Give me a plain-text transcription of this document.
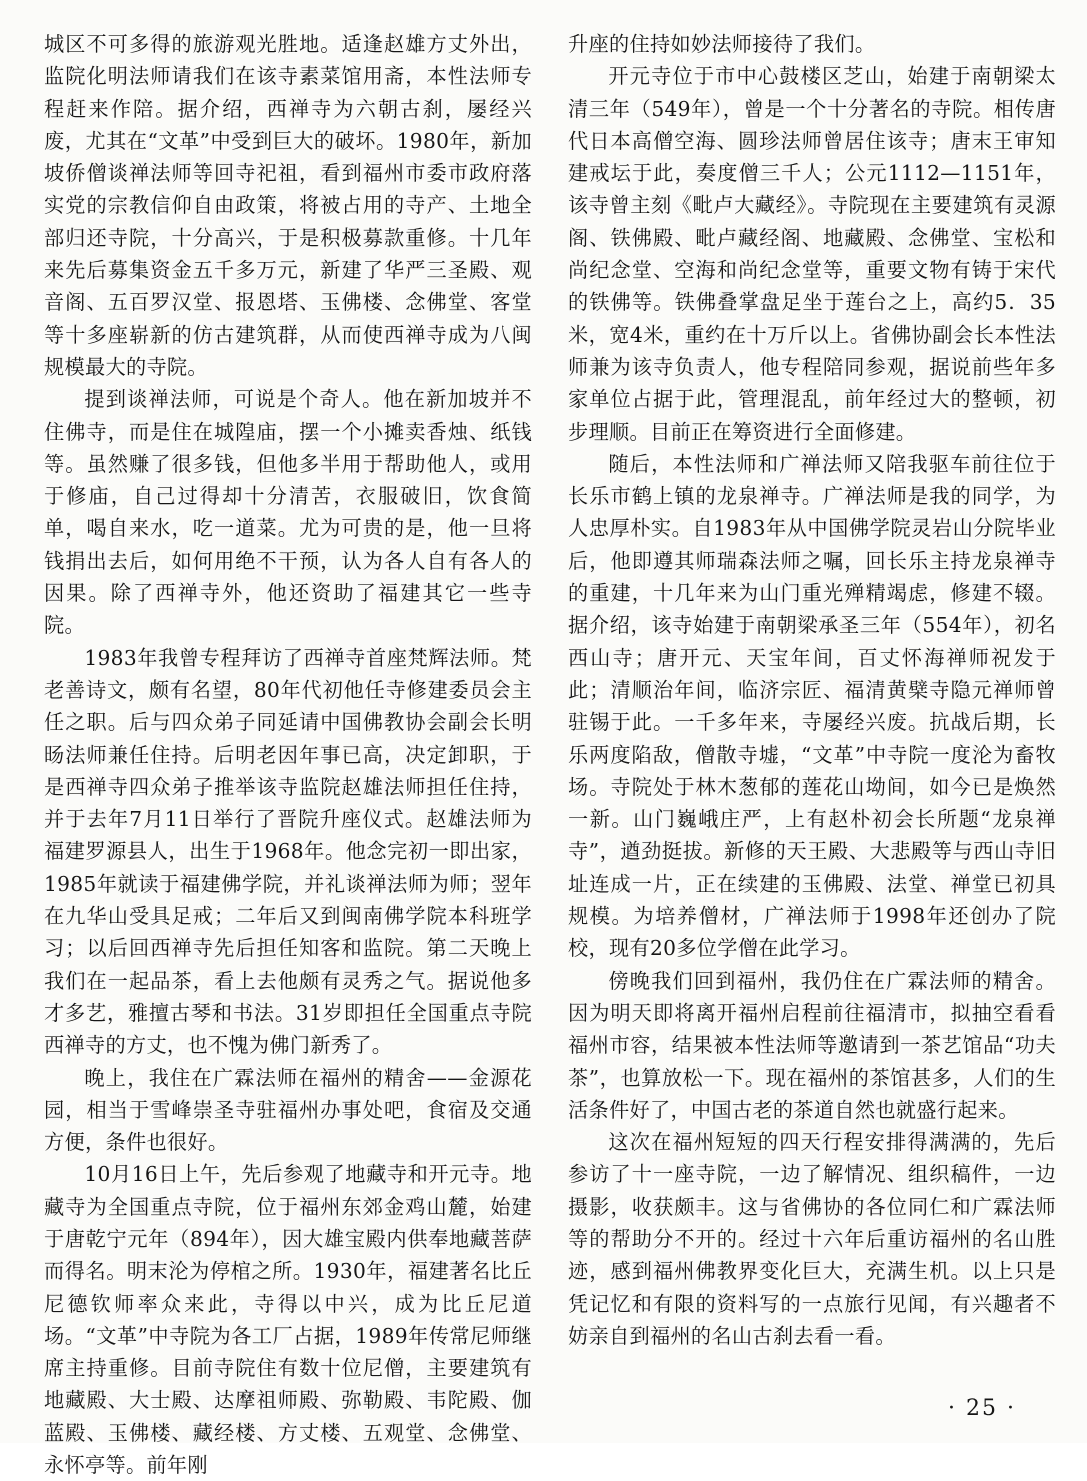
城区不可多得的旅游观光胜地。适逢赵雄方丈外出，监院化明法师请我们在该寺素菜馆用斋，本性法师专程赶来作陪。据介绍，西禅寺为六朝古刹，屡经兴废，尤其在“文革”中受到巨大的破坏。1980年，新加坡侨僧谈禅法师等回寺祀祖，看到福州市委市政府落实党的宗教信仰自由政策，将被占用的寺产、土地全部归还寺院，十分高兴，于是积极募款重修。十几年来先后募集资金五千多万元，新建了华严三圣殿、观音阁、五百罗汉堂、报恩塔、玉佛楼、念佛堂、客堂等十多座崭新的仿古建筑群，从而使西禅寺成为八闽规模最大的寺院。

提到谈禅法师，可说是个奇人。他在新加坡并不住佛寺，而是住在城隍庙，摆一个小摊卖香烛、纸钱等。虽然赚了很多钱，但他多半用于帮助他人，或用于修庙，自己过得却十分清苦，衣服破旧，饮食简单，喝自来水，吃一道菜。尤为可贵的是，他一旦将钱捐出去后，如何用绝不干预，认为各人自有各人的因果。除了西禅寺外，他还资助了福建其它一些寺院。

1983年我曾专程拜访了西禅寺首座梵辉法师。梵老善诗文，颇有名望，80年代初他任寺修建委员会主任之职。后与四众弟子同延请中国佛教协会副会长明旸法师兼任住持。后明老因年事已高，决定卸职，于是西禅寺四众弟子推举该寺监院赵雄法师担任住持，并于去年7月11日举行了晋院升座仪式。赵雄法师为福建罗源县人，出生于1968年。他念完初一即出家，1985年就读于福建佛学院，并礼谈禅法师为师；翌年在九华山受具足戒；二年后又到闽南佛学院本科班学习；以后回西禅寺先后担任知客和监院。第二天晚上我们在一起品茶，看上去他颇有灵秀之气。据说他多才多艺，雅擅古琴和书法。31岁即担任全国重点寺院西禅寺的方丈，也不愧为佛门新秀了。

晚上，我住在广霖法师在福州的精舍——金源花园，相当于雪峰崇圣寺驻福州办事处吧，食宿及交通方便，条件也很好。

10月16日上午，先后参观了地藏寺和开元寺。地藏寺为全国重点寺院，位于福州东郊金鸡山麓，始建于唐乾宁元年（894年），因大雄宝殿内供奉地藏菩萨而得名。明末沦为停棺之所。1930年，福建著名比丘尼德钦师率众来此，寺得以中兴，成为比丘尼道场。“文革”中寺院为各工厂占据，1989年传常尼师继席主持重修。目前寺院住有数十位尼僧，主要建筑有地藏殿、大士殿、达摩祖师殿、弥勒殿、韦陀殿、伽蓝殿、玉佛楼、藏经楼、方丈楼、五观堂、念佛堂、永怀亭等。前年刚

升座的住持如妙法师接待了我们。

开元寺位于市中心鼓楼区芝山，始建于南朝梁太清三年（549年），曾是一个十分著名的寺院。相传唐代日本高僧空海、圆珍法师曾居住该寺；唐末王审知建戒坛于此，奏度僧三千人；公元1112—1151年，该寺曾主刻《毗卢大藏经》。寺院现在主要建筑有灵源阁、铁佛殿、毗卢藏经阁、地藏殿、念佛堂、宝松和尚纪念堂、空海和尚纪念堂等，重要文物有铸于宋代的铁佛等。铁佛叠掌盘足坐于莲台之上，高约5．35米，宽4米，重约在十万斤以上。省佛协副会长本性法师兼为该寺负责人，他专程陪同参观，据说前些年多家单位占据于此，管理混乱，前年经过大的整顿，初步理顺。目前正在筹资进行全面修建。

随后，本性法师和广禅法师又陪我驱车前往位于长乐市鹤上镇的龙泉禅寺。广禅法师是我的同学，为人忠厚朴实。自1983年从中国佛学院灵岩山分院毕业后，他即遵其师瑞森法师之嘱，回长乐主持龙泉禅寺的重建，十几年来为山门重光殚精竭虑，修建不辍。据介绍，该寺始建于南朝梁承圣三年（554年），初名西山寺；唐开元、天宝年间，百丈怀海禅师祝发于此；清顺治年间，临济宗匠、福清黄檗寺隐元禅师曾驻锡于此。一千多年来，寺屡经兴废。抗战后期，长乐两度陷敌，僧散寺墟，“文革”中寺院一度沦为畜牧场。寺院处于林木葱郁的莲花山坳间，如今已是焕然一新。山门巍峨庄严，上有赵朴初会长所题“龙泉禅寺”，遒劲挺拔。新修的天王殿、大悲殿等与西山寺旧址连成一片，正在续建的玉佛殿、法堂、禅堂已初具规模。为培养僧材，广禅法师于1998年还创办了院校，现有20多位学僧在此学习。

傍晚我们回到福州，我仍住在广霖法师的精舍。因为明天即将离开福州启程前往福清市，拟抽空看看福州市容，结果被本性法师等邀请到一茶艺馆品“功夫茶”，也算放松一下。现在福州的茶馆甚多，人们的生活条件好了，中国古老的茶道自然也就盛行起来。

这次在福州短短的四天行程安排得满满的，先后参访了十一座寺院，一边了解情况、组织稿件，一边摄影，收获颇丰。这与省佛协的各位同仁和广霖法师等的帮助分不开的。经过十六年后重访福州的名山胜迹，感到福州佛教界变化巨大，充满生机。以上只是凭记忆和有限的资料写的一点旅行见闻，有兴趣者不妨亲自到福州的名山古刹去看一看。

· 25 ·
